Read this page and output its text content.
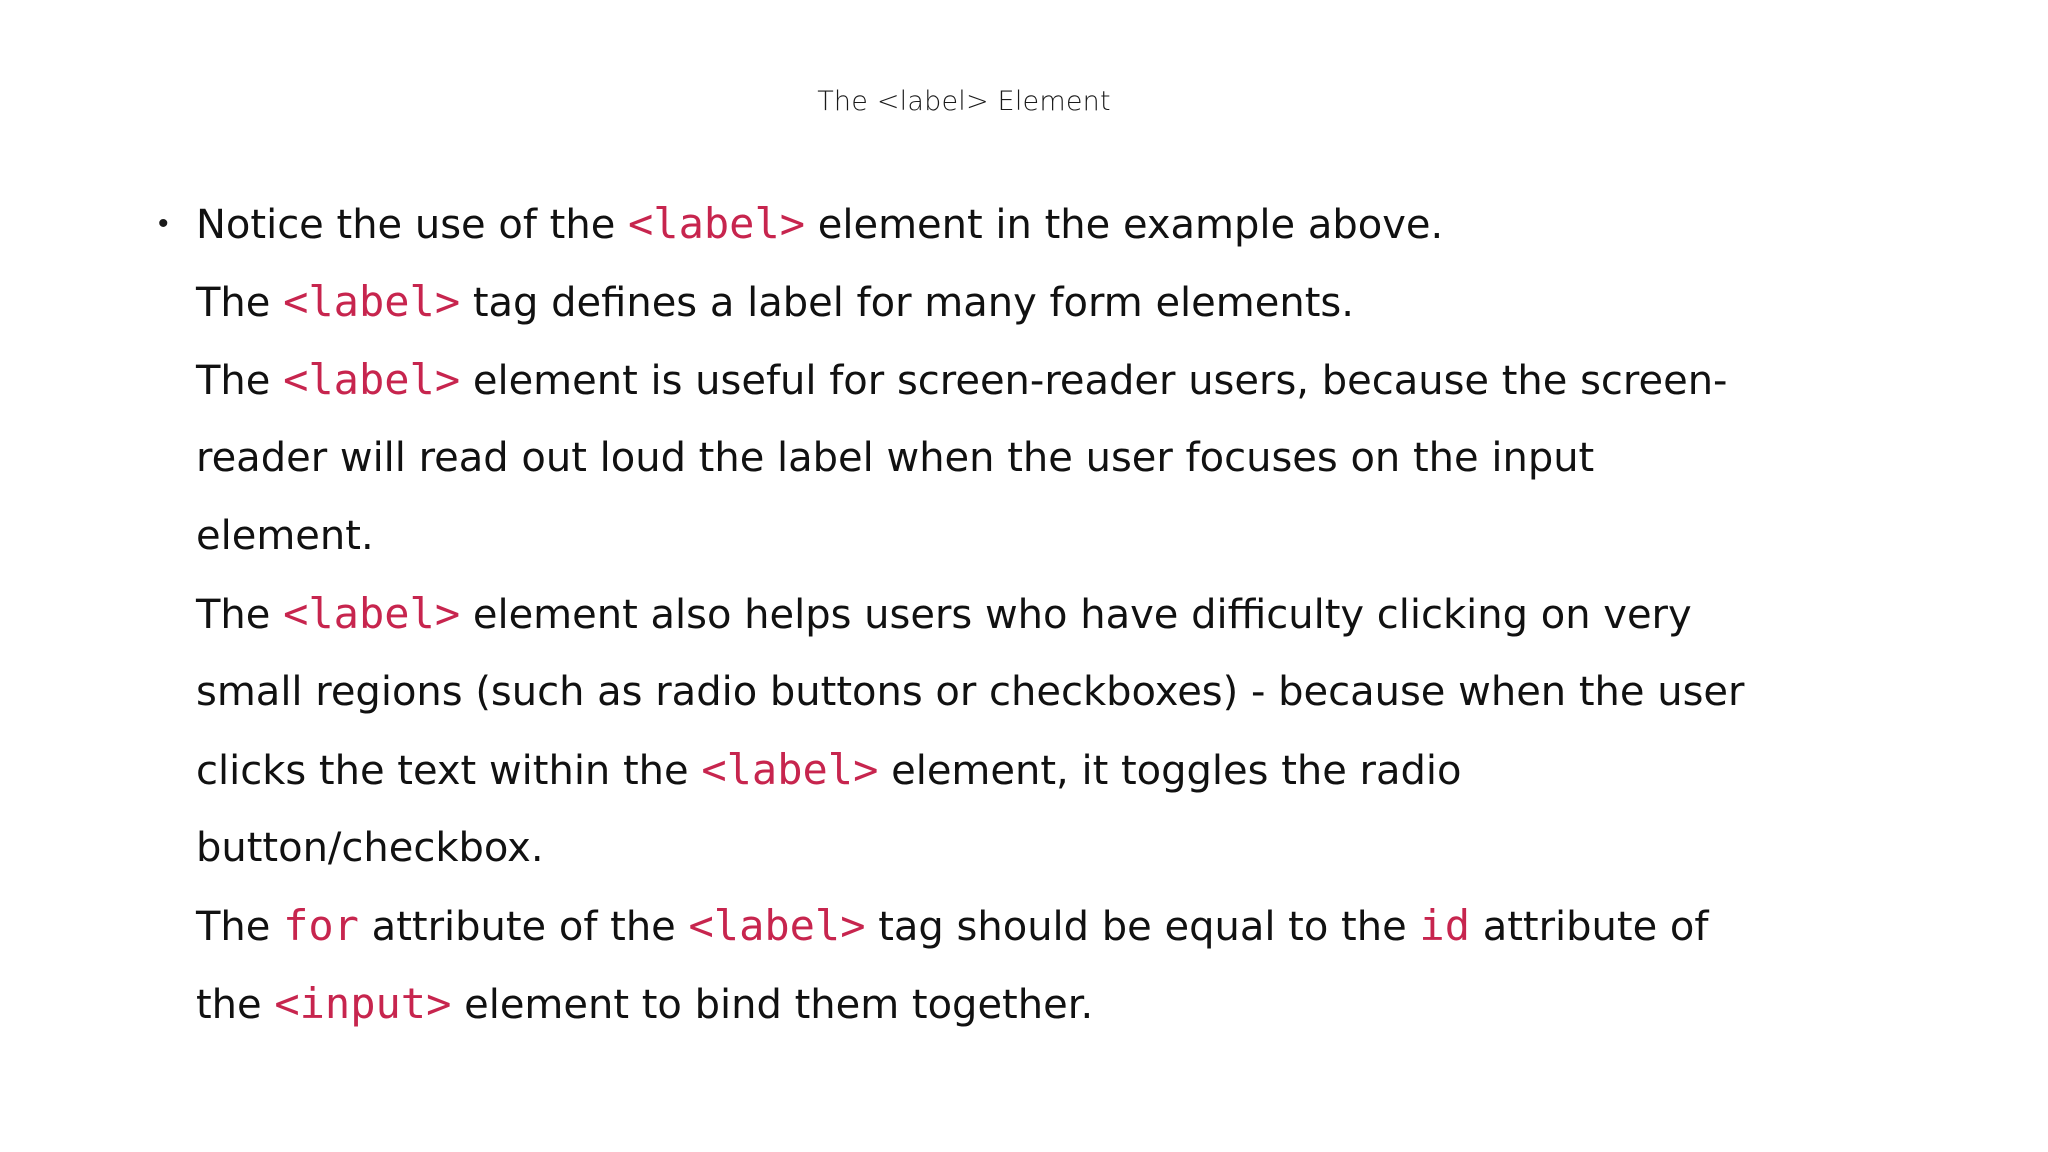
The <label> Element
• Notice the use of the <label> element in the example above.
The <label> tag defines a label for many form elements.
The <label> element is useful for screen-reader users, because the screen-
reader will read out loud the label when the user focuses on the input
element.
The <label> element also helps users who have difficulty clicking on very
small regions (such as radio buttons or checkboxes) - because when the user
clicks the text within the <label> element, it toggles the radio
button/checkbox.
The for attribute of the <label> tag should be equal to the id attribute of
the <input> element to bind them together.
